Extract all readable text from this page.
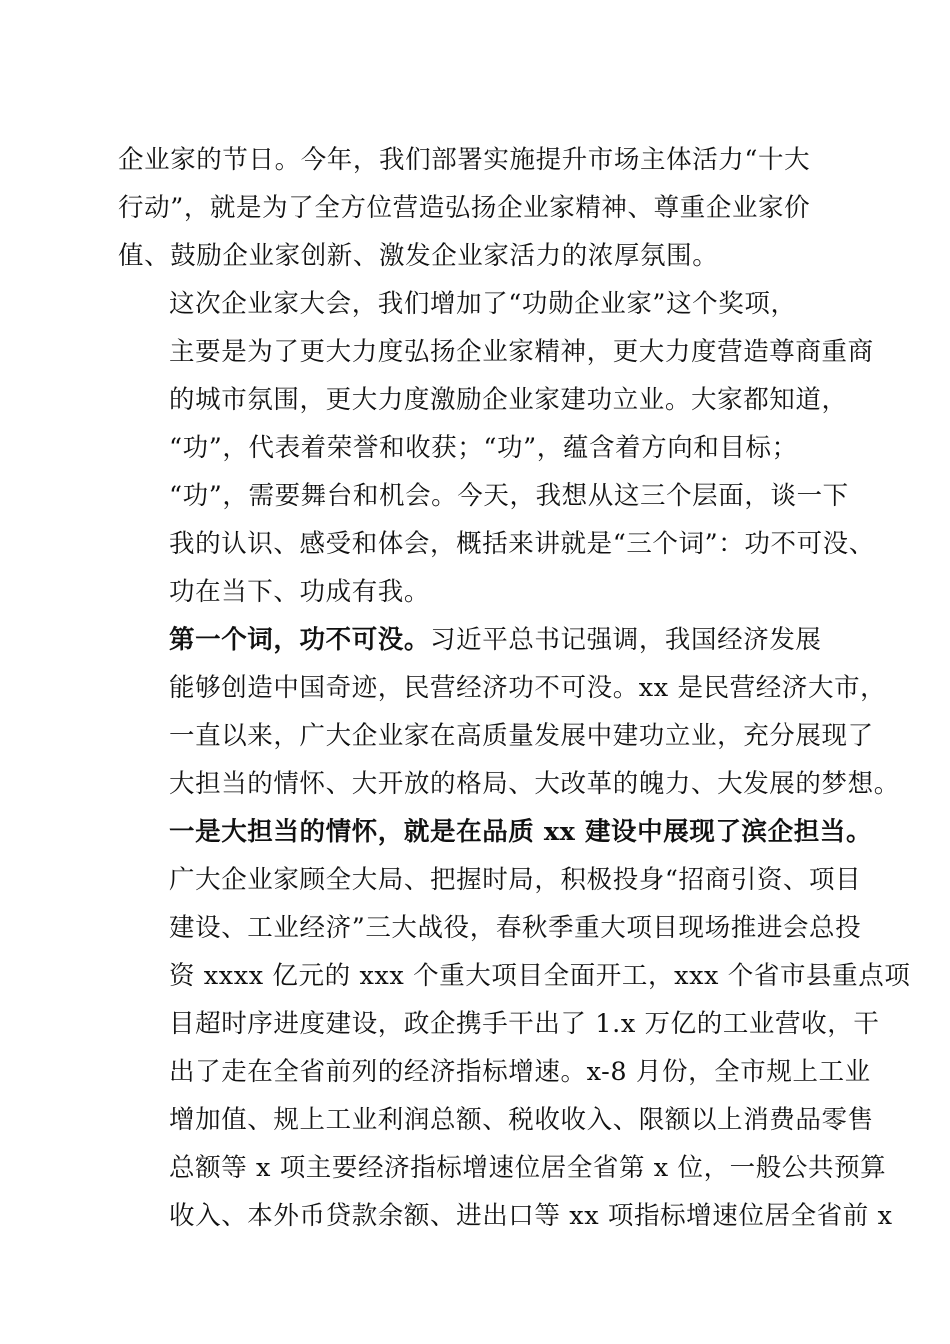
企业家的节日。今年，我们部署实施提升市场主体活力“十大
行动”，就是为了全方位营造弘扬企业家精神、尊重企业家价
值、鼓励企业家创新、激发企业家活力的浓厚氛围。

这次企业家大会，我们增加了“功勋企业家”这个奖项，
主要是为了更大力度弘扬企业家精神，更大力度营造尊商重商
的城市氛围，更大力度激励企业家建功立业。大家都知道，
“功”，代表着荣誉和收获；“功”，蕴含着方向和目标；
“功”，需要舞台和机会。今天，我想从这三个层面，谈一下
我的认识、感受和体会，概括来讲就是“三个词”：功不可没、
功在当下、功成有我。

第一个词，功不可没。习近平总书记强调，我国经济发展
能够创造中国奇迹，民营经济功不可没。xx 是民营经济大市，
一直以来，广大企业家在高质量发展中建功立业，充分展现了
大担当的情怀、大开放的格局、大改革的魄力、大发展的梦想。

一是大担当的情怀，就是在品质 xx 建设中展现了滨企担当。
广大企业家顾全大局、把握时局，积极投身“招商引资、项目
建设、工业经济”三大战役，春秋季重大项目现场推进会总投
资 xxxx 亿元的 xxx 个重大项目全面开工，xxx 个省市县重点项
目超时序进度建设，政企携手干出了 1.x 万亿的工业营收，干
出了走在全省前列的经济指标增速。x-8 月份，全市规上工业
增加值、规上工业利润总额、税收收入、限额以上消费品零售
总额等 x 项主要经济指标增速位居全省第 x 位，一般公共预算
收入、本外币贷款余额、进出口等 xx 项指标增速位居全省前 x
